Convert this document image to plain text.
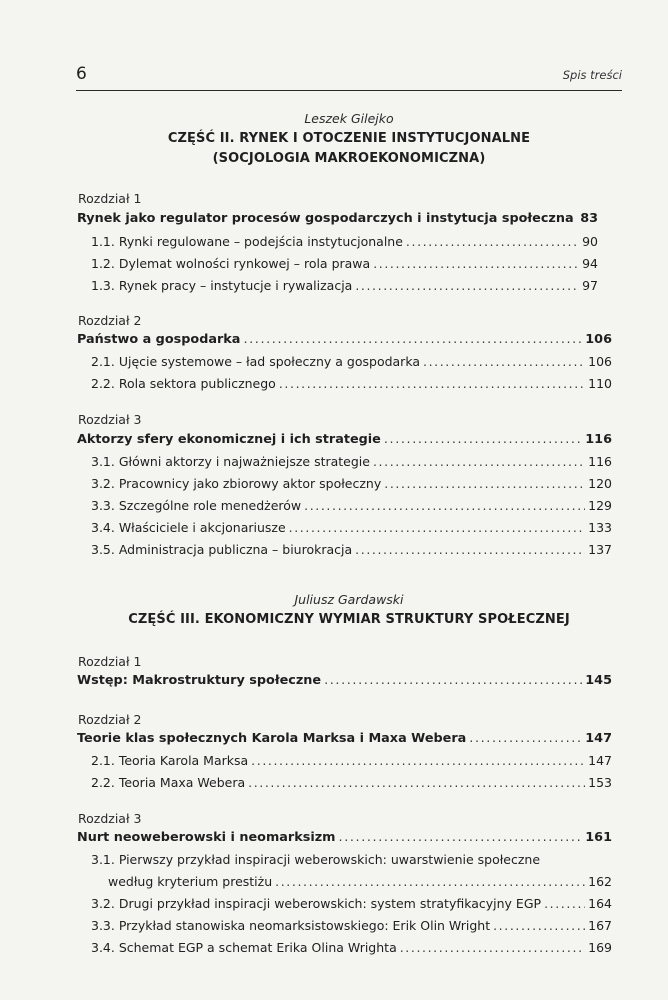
6	Spis treści
Leszek Gilejko
CZĘŚĆ II. RYNEK I OTOCZENIE INSTYTUCJONALNE
(SOCJOLOGIA MAKROEKONOMICZNA)
Rozdział 1
Rynek jako regulator procesów gospodarczych i instytucja społeczna ..... 83
1.1. Rynki regulowane – podejścia instytucjonalne .....	90
1.2. Dylemat wolności rynkowej – rola prawa .....	94
1.3. Rynek pracy – instytucje i rywalizacja .....	97
Rozdział 2
Państwo a gospodarka .....	106
2.1. Ujęcie systemowe – ład społeczny a gospodarka .....	106
2.2. Rola sektora publicznego .....	110
Rozdział 3
Aktorzy sfery ekonomicznej i ich strategie .....	116
3.1. Główni aktorzy i najważniejsze strategie .....	116
3.2. Pracownicy jako zbiorowy aktor społeczny .....	120
3.3. Szczególne role menedżerów .....	129
3.4. Właściciele i akcjonariusze .....	133
3.5. Administracja publiczna – biurokracja .....	137
Juliusz Gardawski
CZĘŚĆ III. EKONOMICZNY WYMIAR STRUKTURY SPOŁECZNEJ
Rozdział 1
Wstęp: Makrostruktury społeczne .....	145
Rozdział 2
Teorie klas społecznych Karola Marksa i Maxa Webera .....	147
2.1. Teoria Karola Marksa .....	147
2.2. Teoria Maxa Webera .....	153
Rozdział 3
Nurt neoweberowski i neomarksizm .....	161
3.1. Pierwszy przykład inspiracji weberowskich: uwarstwienie społeczne
według kryterium prestiżu .....	162
3.2. Drugi przykład inspiracji weberowskich: system stratyfikacyjny EGP .....	164
3.3. Przykład stanowiska neomarksistowskiego: Erik Olin Wright .....	167
3.4. Schemat EGP a schemat Erika Olina Wrighta .....	169
